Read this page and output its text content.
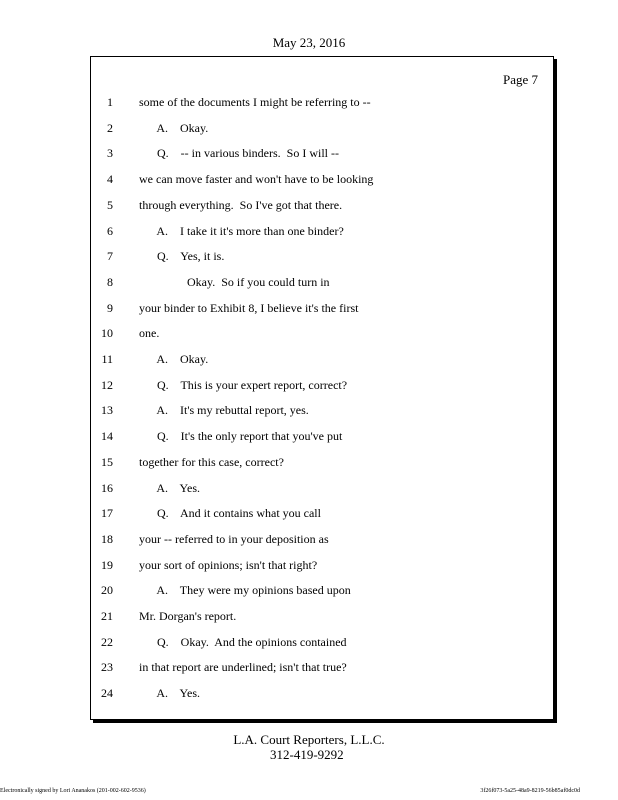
May 23, 2016
Page 7
1 some of the documents I might be referring to --
2 A.    Okay.
3 Q.    -- in various binders.  So I will --
4 we can move faster and won't have to be looking
5 through everything.  So I've got that there.
6 A.    I take it it's more than one binder?
7 Q.    Yes, it is.
8 Okay.  So if you could turn in
9 your binder to Exhibit 8, I believe it's the first
10 one.
11 A.    Okay.
12 Q.    This is your expert report, correct?
13 A.    It's my rebuttal report, yes.
14 Q.    It's the only report that you've put
15 together for this case, correct?
16 A.    Yes.
17 Q.    And it contains what you call
18 your -- referred to in your deposition as
19 your sort of opinions; isn't that right?
20 A.    They were my opinions based upon
21 Mr. Dorgan's report.
22 Q.    Okay.  And the opinions contained
23 in that report are underlined; isn't that true?
24 A.    Yes.
L.A. Court Reporters, L.L.C.
312-419-9292
Electronically signed by Lori Ananakos (201-002-602-9536)	3f26f073-5a25-48a9-8219-56b85af0dc0d
